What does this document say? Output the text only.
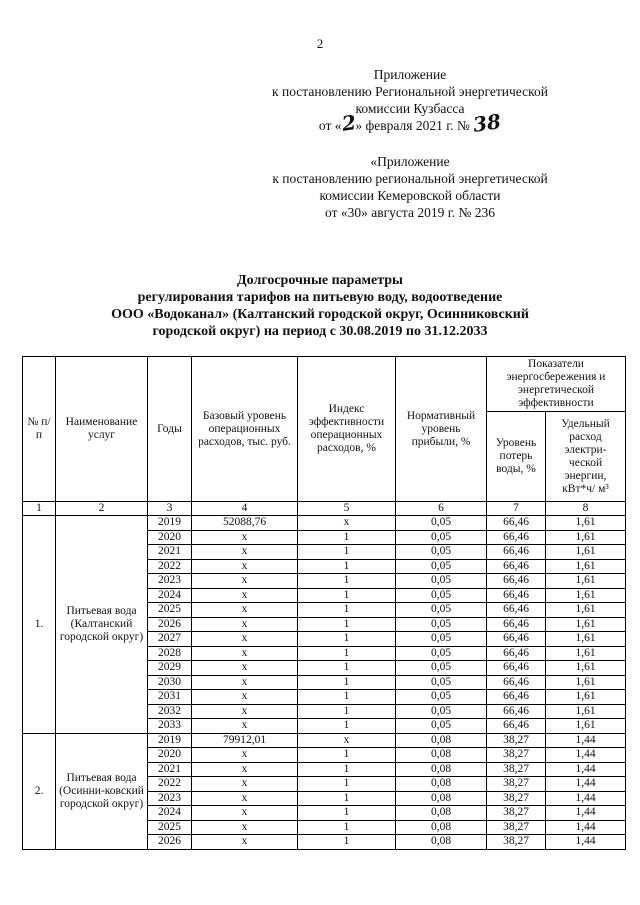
2
Приложение
к постановлению Региональной энергетической
комиссии Кузбасса
от «2» февраля 2021 г. № 38
«Приложение
к постановлению региональной энергетической
комиссии Кемеровской области
от «30» августа 2019 г. № 236
Долгосрочные параметры
регулирования тарифов на питьевую воду, водоотведение
ООО «Водоканал» (Калтанский городской округ, Осинниковский
городской округ) на период с 30.08.2019 по 31.12.2033
№ п/п	Наименование услуг	Годы	Базовый уровень операционных расходов, тыс. руб.	Индекс эффективности операционных расходов, %	Нормативный уровень прибыли, %	Показатели энергосбережения и энергетической эффективности	
						Уровень потерь воды, %	Удельный расход электри-ческой энергии, кВт*ч/ м³
1	2	3	4	5	6	7	8
1.	Питьевая вода (Калтанский городской округ)	2019	52088,76	х	0,05	66,46	1,61
		2020	х	1	0,05	66,46	1,61
		2021	х	1	0,05	66,46	1,61
		2022	х	1	0,05	66,46	1,61
		2023	х	1	0,05	66,46	1,61
		2024	х	1	0,05	66,46	1,61
		2025	х	1	0,05	66,46	1,61
		2026	х	1	0,05	66,46	1,61
		2027	х	1	0,05	66,46	1,61
		2028	х	1	0,05	66,46	1,61
		2029	х	1	0,05	66,46	1,61
		2030	х	1	0,05	66,46	1,61
		2031	х	1	0,05	66,46	1,61
		2032	х	1	0,05	66,46	1,61
		2033	х	1	0,05	66,46	1,61
2.	Питьевая вода (Осинни-ковский городской округ)	2019	79912,01	х	0,08	38,27	1,44
		2020	х	1	0,08	38,27	1,44
		2021	х	1	0,08	38,27	1,44
		2022	х	1	0,08	38,27	1,44
		2023	х	1	0,08	38,27	1,44
		2024	х	1	0,08	38,27	1,44
		2025	х	1	0,08	38,27	1,44
		2026	х	1	0,08	38,27	1,44
